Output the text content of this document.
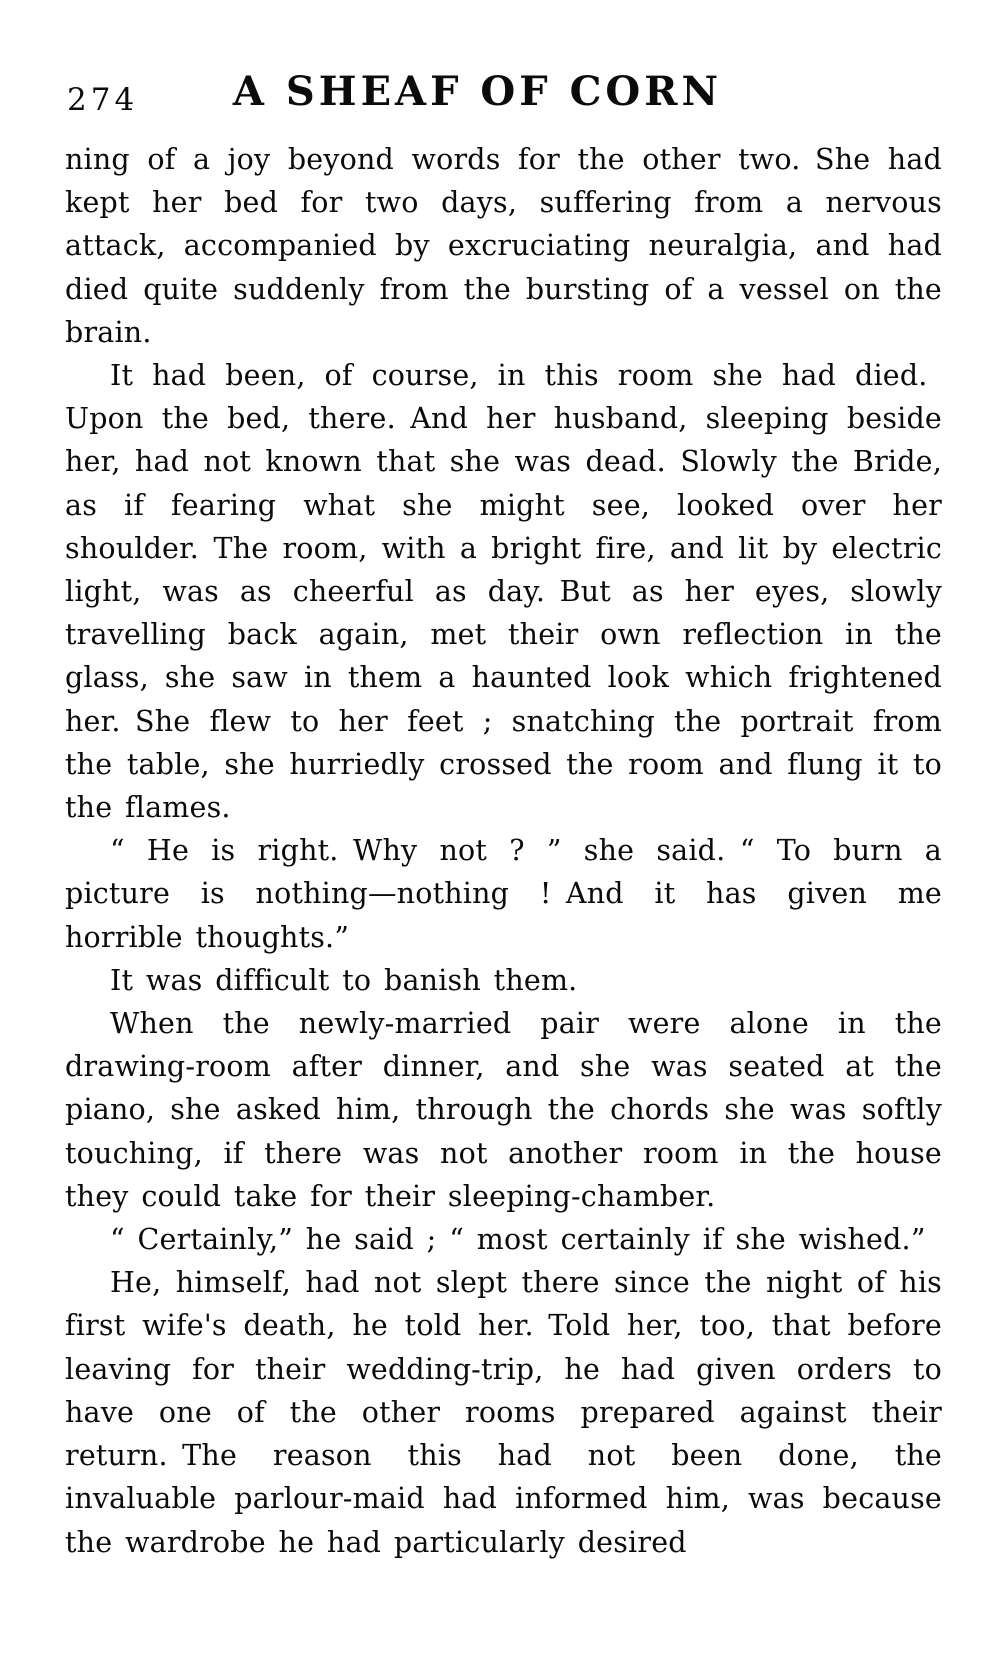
274	A SHEAF OF CORN

ning of a joy beyond words for the other two. She had kept her bed for two days, suffering from a nervous attack, accompanied by excruciating neuralgia, and had died quite suddenly from the bursting of a vessel on the brain.

It had been, of course, in this room she had died. Upon the bed, there. And her husband, sleeping beside her, had not known that she was dead. Slowly the Bride, as if fearing what she might see, looked over her shoulder. The room, with a bright fire, and lit by electric light, was as cheerful as day. But as her eyes, slowly travelling back again, met their own reflection in the glass, she saw in them a haunted look which frightened her. She flew to her feet ; snatching the portrait from the table, she hurriedly crossed the room and flung it to the flames.

“ He is right. Why not ? ” she said. “ To burn a picture is nothing—nothing ! And it has given me horrible thoughts.”

It was difficult to banish them.

When the newly-married pair were alone in the drawing-room after dinner, and she was seated at the piano, she asked him, through the chords she was softly touching, if there was not another room in the house they could take for their sleeping-chamber.

“ Certainly,” he said ; “ most certainly if she wished.”

He, himself, had not slept there since the night of his first wife's death, he told her. Told her, too, that before leaving for their wedding-trip, he had given orders to have one of the other rooms prepared against their return. The reason this had not been done, the invaluable parlour-maid had informed him, was because the wardrobe he had particularly desired
